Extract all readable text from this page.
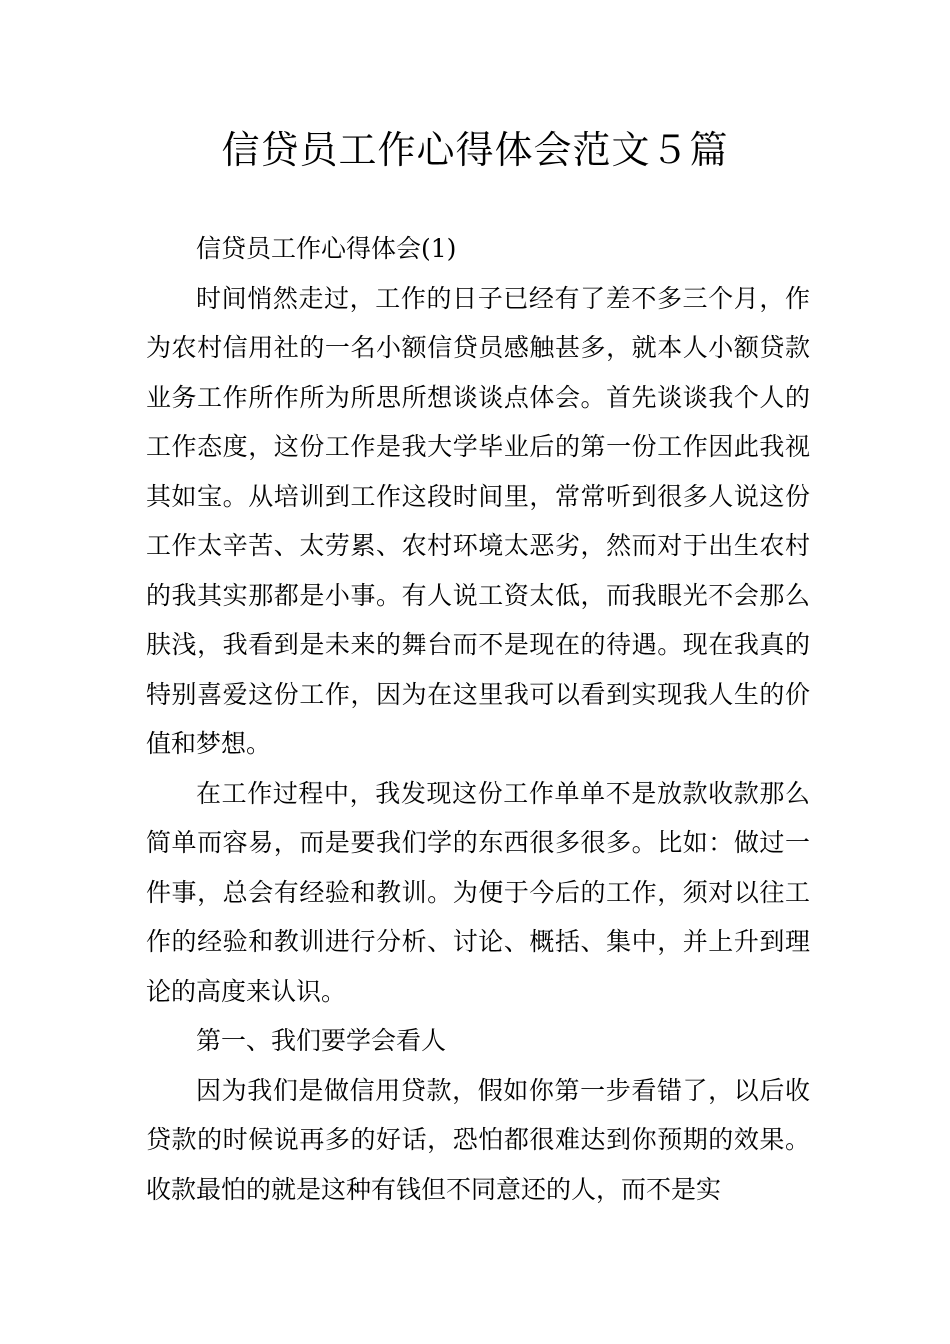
信贷员工作心得体会范文５篇

信贷员工作心得体会(1)

时间悄然走过，工作的日子已经有了差不多三个月，作为农村信用社的一名小额信贷员感触甚多，就本人小额贷款业务工作所作所为所思所想谈谈点体会。首先谈谈我个人的工作态度，这份工作是我大学毕业后的第一份工作因此我视其如宝。从培训到工作这段时间里，常常听到很多人说这份工作太辛苦、太劳累、农村环境太恶劣，然而对于出生农村的我其实那都是小事。有人说工资太低，而我眼光不会那么肤浅，我看到是未来的舞台而不是现在的待遇。现在我真的特别喜爱这份工作，因为在这里我可以看到实现我人生的价值和梦想。

在工作过程中，我发现这份工作单单不是放款收款那么简单而容易，而是要我们学的东西很多很多。比如：做过一件事，总会有经验和教训。为便于今后的工作，须对以往工作的经验和教训进行分析、讨论、概括、集中，并上升到理论的高度来认识。

第一、我们要学会看人

因为我们是做信用贷款，假如你第一步看错了，以后收贷款的时候说再多的好话，恐怕都很难达到你预期的效果。收款最怕的就是这种有钱但不同意还的人，而不是实
